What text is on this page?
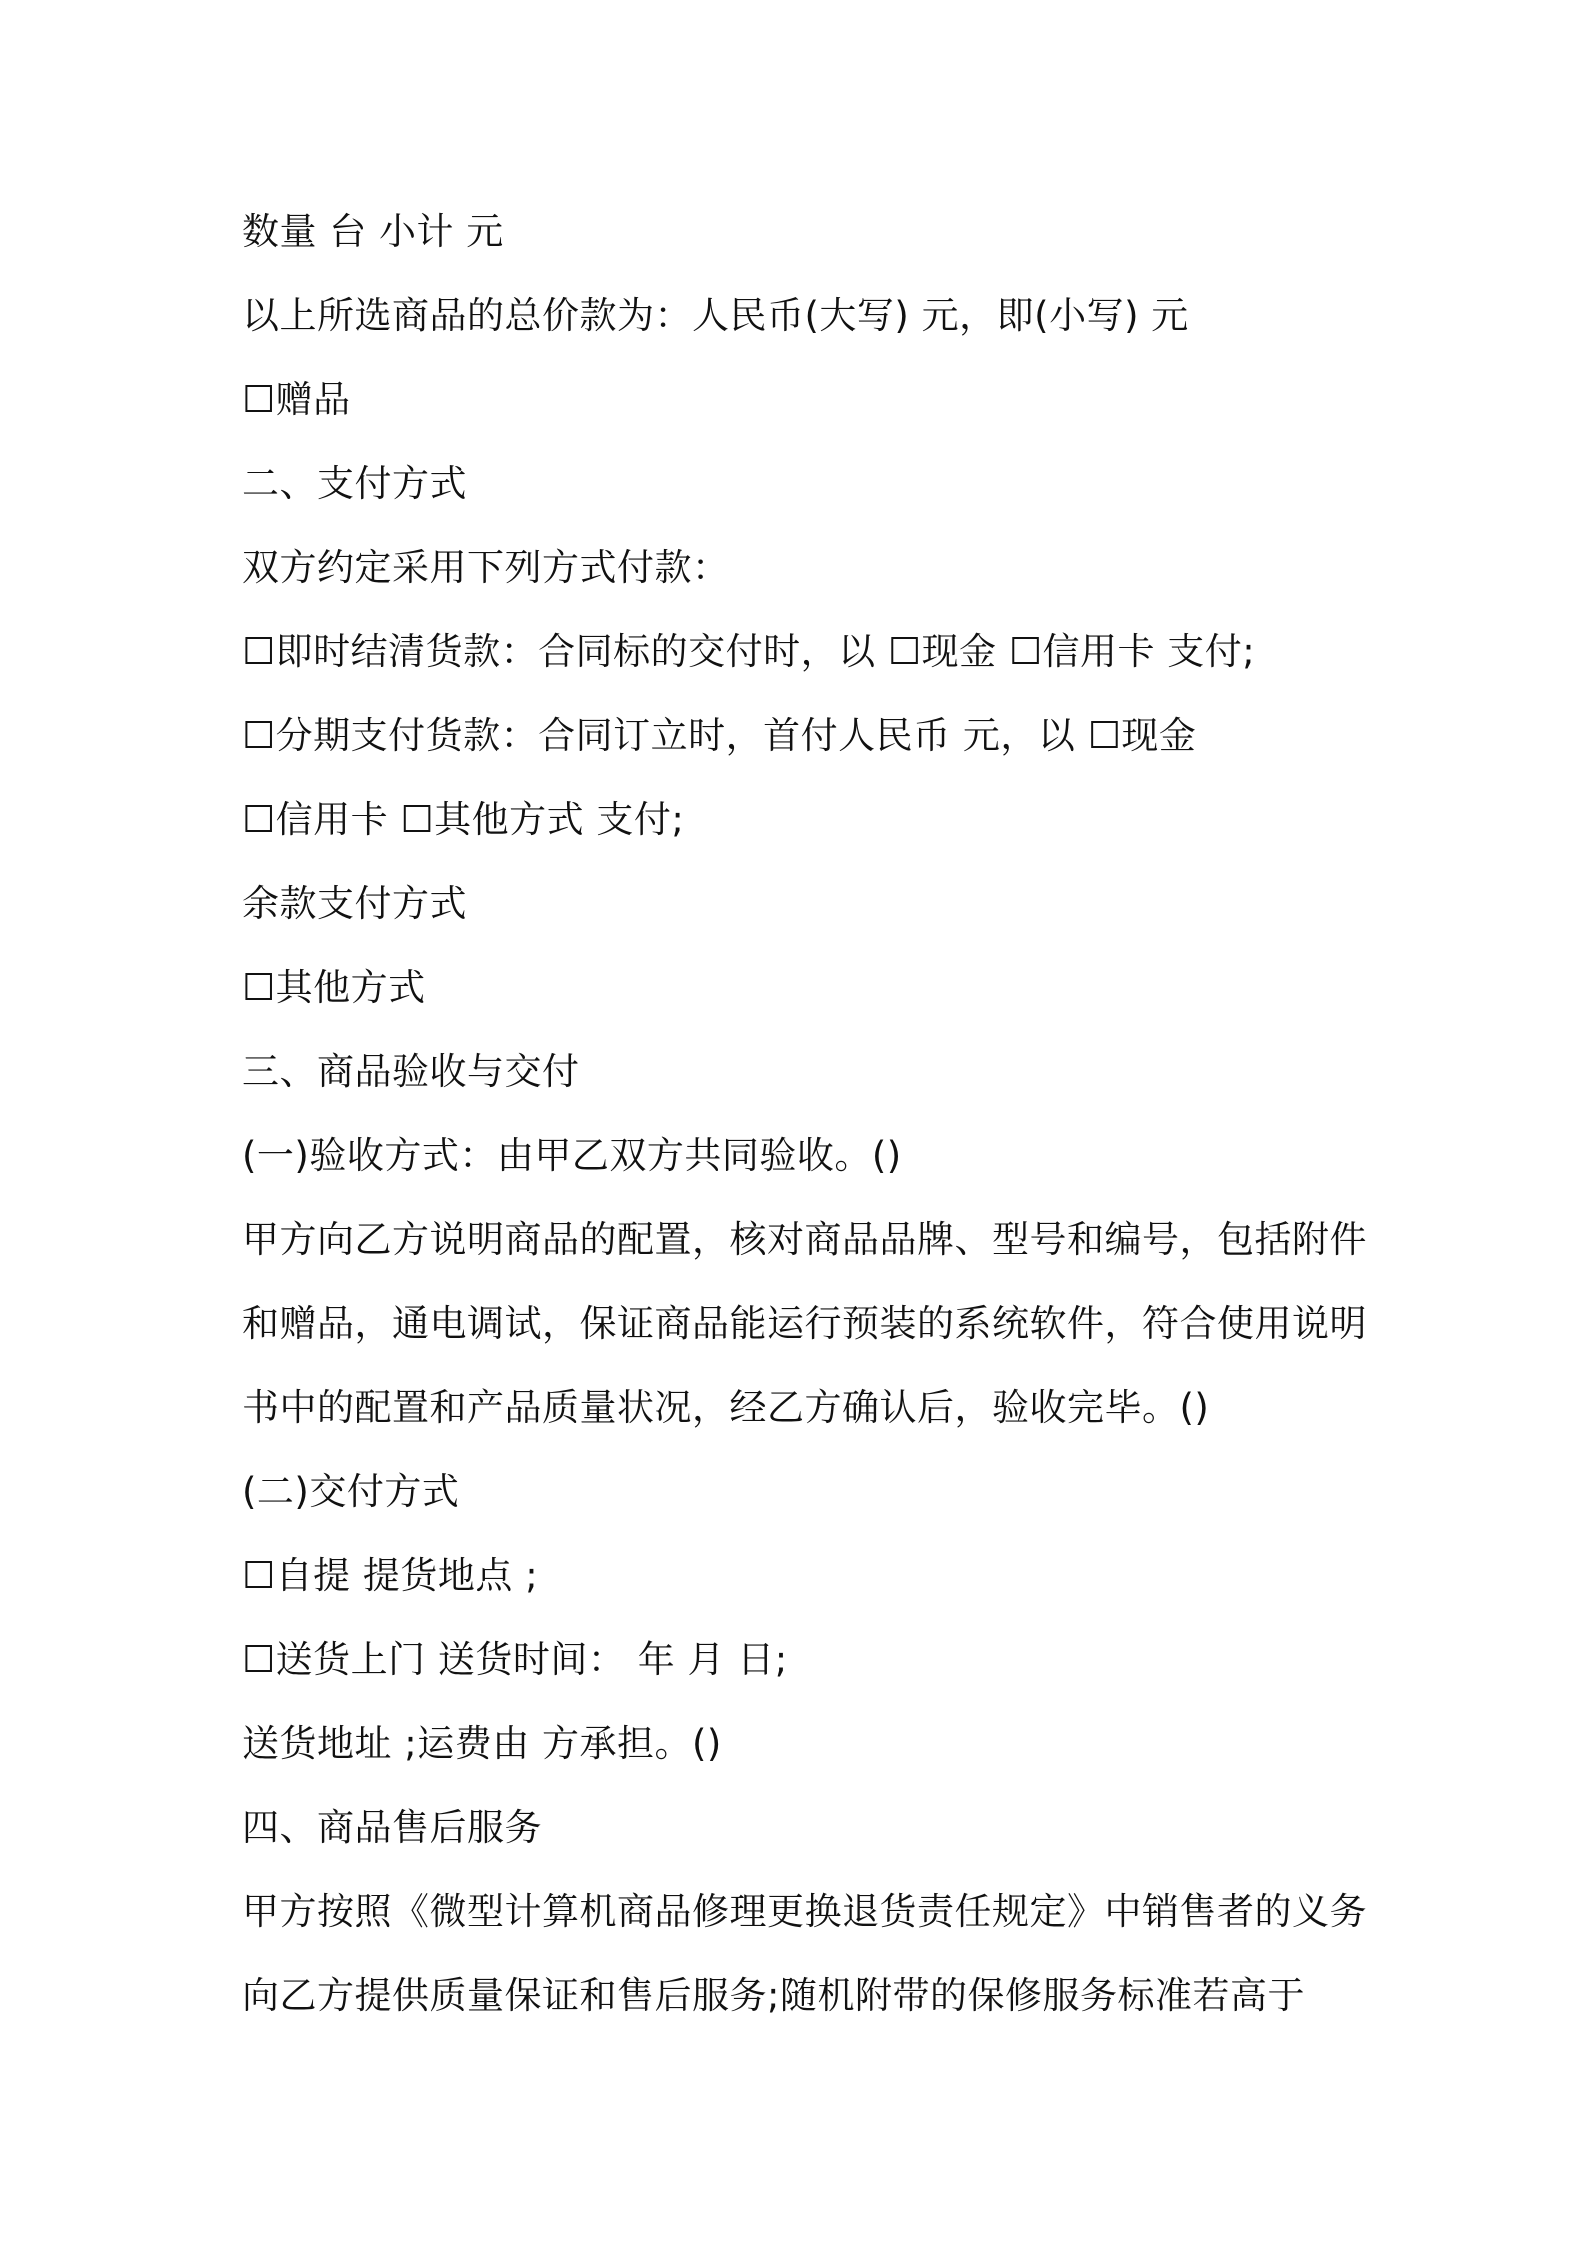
数量 台 小计 元
以上所选商品的总价款为：人民币(大写) 元，即(小写) 元
☐赠品
二、支付方式
双方约定采用下列方式付款：
☐即时结清货款：合同标的交付时，以 ☐现金 ☐信用卡 支付;
☐分期支付货款：合同订立时，首付人民币 元，以 ☐现金
☐信用卡 ☐其他方式 支付;
余款支付方式
☐其他方式
三、商品验收与交付
(一)验收方式：由甲乙双方共同验收。()
甲方向乙方说明商品的配置，核对商品品牌、型号和编号，包括附件
和赠品，通电调试，保证商品能运行预装的系统软件，符合使用说明
书中的配置和产品质量状况，经乙方确认后，验收完毕。()
(二)交付方式
☐自提 提货地点 ;
☐送货上门 送货时间： 年 月 日;
送货地址 ;运费由 方承担。()
四、商品售后服务
甲方按照《微型计算机商品修理更换退货责任规定》中销售者的义务
向乙方提供质量保证和售后服务;随机附带的保修服务标准若高于
